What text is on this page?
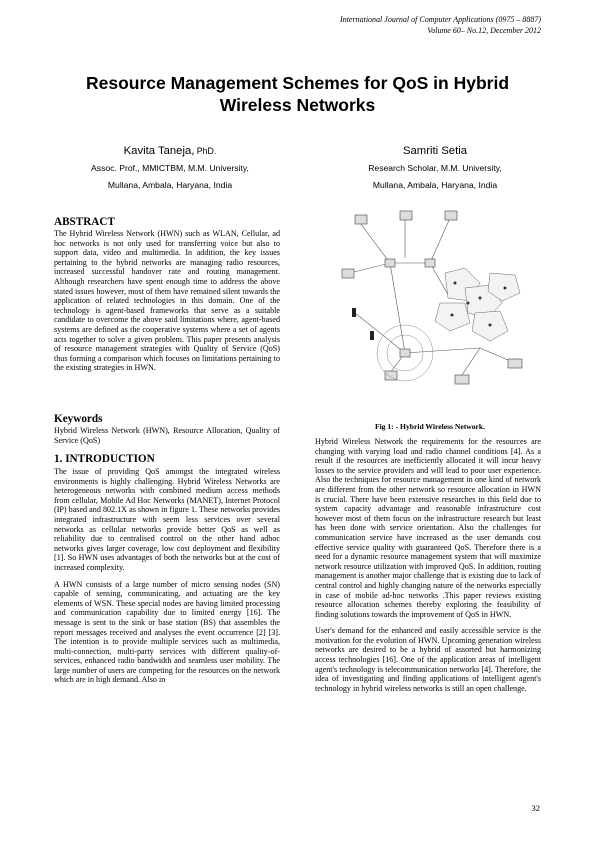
International Journal of Computer Applications (0975 – 8887)
Volume 60– No.12, December 2012
Resource Management Schemes for QoS in Hybrid
Wireless Networks
Kavita Taneja, PhD.
Assoc. Prof., MMICTBM, M.M. University,
Mullana, Ambala, Haryana, India
Samriti Setia
Research Scholar, M.M. University,
Mullana, Ambala, Haryana, India
ABSTRACT

The Hybrid Wireless Network (HWN) such as WLAN, Cellular, ad hoc networks is not only used for transferring voice but also to support data, video and multimedia. In addition, the key issues pertaining to the hybrid networks are managing radio resources, increased successful handover rate and routing management. Although researchers have spent enough time to address the above stated issues however, most of them have remained silent towards the application of related technologies in this domain. One of the technology is agent-based frameworks that serve as a suitable candidate to overcome the above said limitations where, agent-based systems are defined as the cooperative systems where a set of agents acts together to solve a given problem. This paper presents analysis of resource management strategies with Quality of Service (QoS) thus forming a comparison which focuses on limitations pertaining to the existing strategies in HWN.

Keywords

Hybrid Wireless Network (HWN), Resource Allocation, Quality of Service (QoS)

1. INTRODUCTION

The issue of providing QoS amongst the integrated wireless environments is highly challenging. Hybrid Wireless Networks are heterogeneous networks with combined medium access methods from cellular, Mobile Ad Hoc Networks (MANET), Internet Protocol (IP) based and 802.1X as shown in figure 1. These networks provides integrated infrastructure with seem less services over several networks as cellular networks provide better QoS as well as reliability due to centralised control on the other hand adhoc networks gives larger coverage, low cost deployment and flexibility [1]. So HWN uses advantages of both the networks but at the cost of increased complexity.

A HWN consists of a large number of micro sensing nodes (SN) capable of sensing, communicating, and actuating are the key elements of WSN. These special nodes are having limited processing and communication capability due to limited energy [16]. The message is sent to the sink or base station (BS) that assembles the report messages received and analyses the event occurrence [2] [3]. The intention is to provide multiple services such as multimedia, multi-connection, multi-party services with different quality-of-services, enhanced radio bandwidth and seamless user mobility. The large number of users are competing for the resources on the network which are in high demand. Also in

Fig 1: - Hybrid Wireless Network.

Hybrid Wireless Network the requirements for the resources are changing with varying load and radio channel conditions [4]. As a result if the resources are inefficiently allocated it will incur heavy losses to the service providers and will lead to poor user experience. Also the techniques for resource management in one kind of network are different from the other network so resource allocation in HWN is crucial. There have been extensive researches in this field due to system capacity advantage and reasonable infrastructure cost however most of them focus on the infrastructure research but least has been done with service orientation. Also the challenges for communication service have increased as the user demands cost effective service quality with guaranteed QoS. Therefore there is a need for a dynamic resource management system that will maximize network resource utilization with improved QoS. In addition, routing management is another major challenge that is existing due to lack of central control and highly changing nature of the networks especially in case of mobile ad-hoc networks .This paper reviews existing resource allocation schemes thereby exploring the feasibility of finding solutions towards the improvement of QoS in HWN.

User's demand for the enhanced and easily accessible service is the motivation for the evolution of HWN. Upcoming generation wireless networks are desired to be a hybrid of assorted but harmonizing access technologies [16]. One of the application areas of intelligent agent's technology is telecommunication networks [4]. Therefore, the idea of investigating and finding applications of intelligent agent's technology in hybrid wireless networks is still an open challenge.

32
